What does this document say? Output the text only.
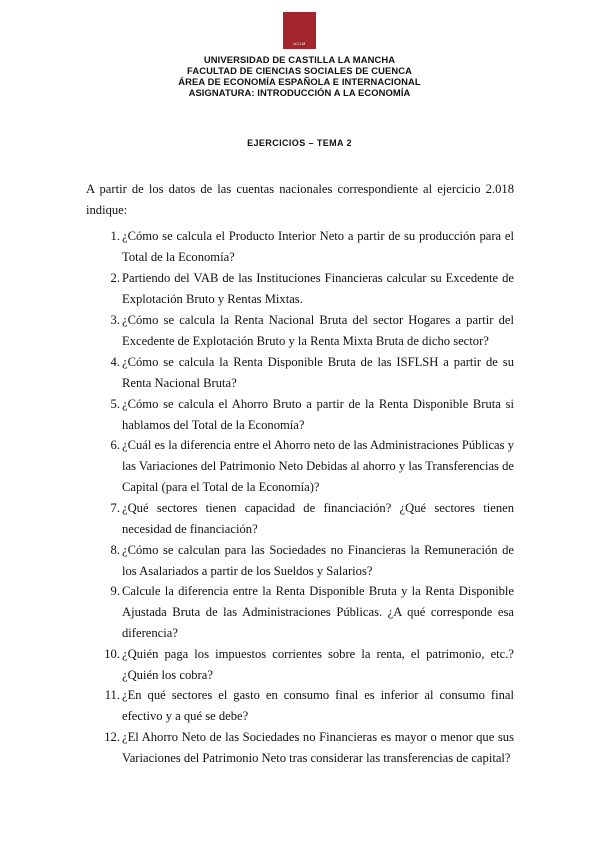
UCLM
UNIVERSIDAD DE CASTILLA LA MANCHA
FACULTAD DE CIENCIAS SOCIALES DE CUENCA
ÁREA DE ECONOMÍA ESPAÑOLA E INTERNACIONAL
ASIGNATURA: INTRODUCCIÓN A LA ECONOMÍA
EJERCICIOS – TEMA 2
A partir de los datos de las cuentas nacionales correspondiente al ejercicio 2.018 indique:
1. ¿Cómo se calcula el Producto Interior Neto a partir de su producción para el Total de la Economía?
2. Partiendo del VAB de las Instituciones Financieras calcular su Excedente de Explotación Bruto y Rentas Mixtas.
3. ¿Cómo se calcula la Renta Nacional Bruta del sector Hogares a partir del Excedente de Explotación Bruto y la Renta Mixta Bruta de dicho sector?
4. ¿Cómo se calcula la Renta Disponible Bruta de las ISFLSH a partir de su Renta Nacional Bruta?
5. ¿Cómo se calcula el Ahorro Bruto a partir de la Renta Disponible Bruta si hablamos del Total de la Economía?
6. ¿Cuál es la diferencia entre el Ahorro neto de las Administraciones Públicas y las Variaciones del Patrimonio Neto Debidas al ahorro y las Transferencias de Capital (para el Total de la Economía)?
7. ¿Qué sectores tienen capacidad de financiación? ¿Qué sectores tienen necesidad de financiación?
8. ¿Cómo se calculan para las Sociedades no Financieras la Remuneración de los Asalariados a partir de los Sueldos y Salarios?
9. Calcule la diferencia entre la Renta Disponible Bruta y la Renta Disponible Ajustada Bruta de las Administraciones Públicas. ¿A qué corresponde esa diferencia?
10. ¿Quién paga los impuestos corrientes sobre la renta, el patrimonio, etc.? ¿Quién los cobra?
11. ¿En qué sectores el gasto en consumo final es inferior al consumo final efectivo y a qué se debe?
12. ¿El Ahorro Neto de las Sociedades no Financieras es mayor o menor que sus Variaciones del Patrimonio Neto tras considerar las transferencias de capital?
